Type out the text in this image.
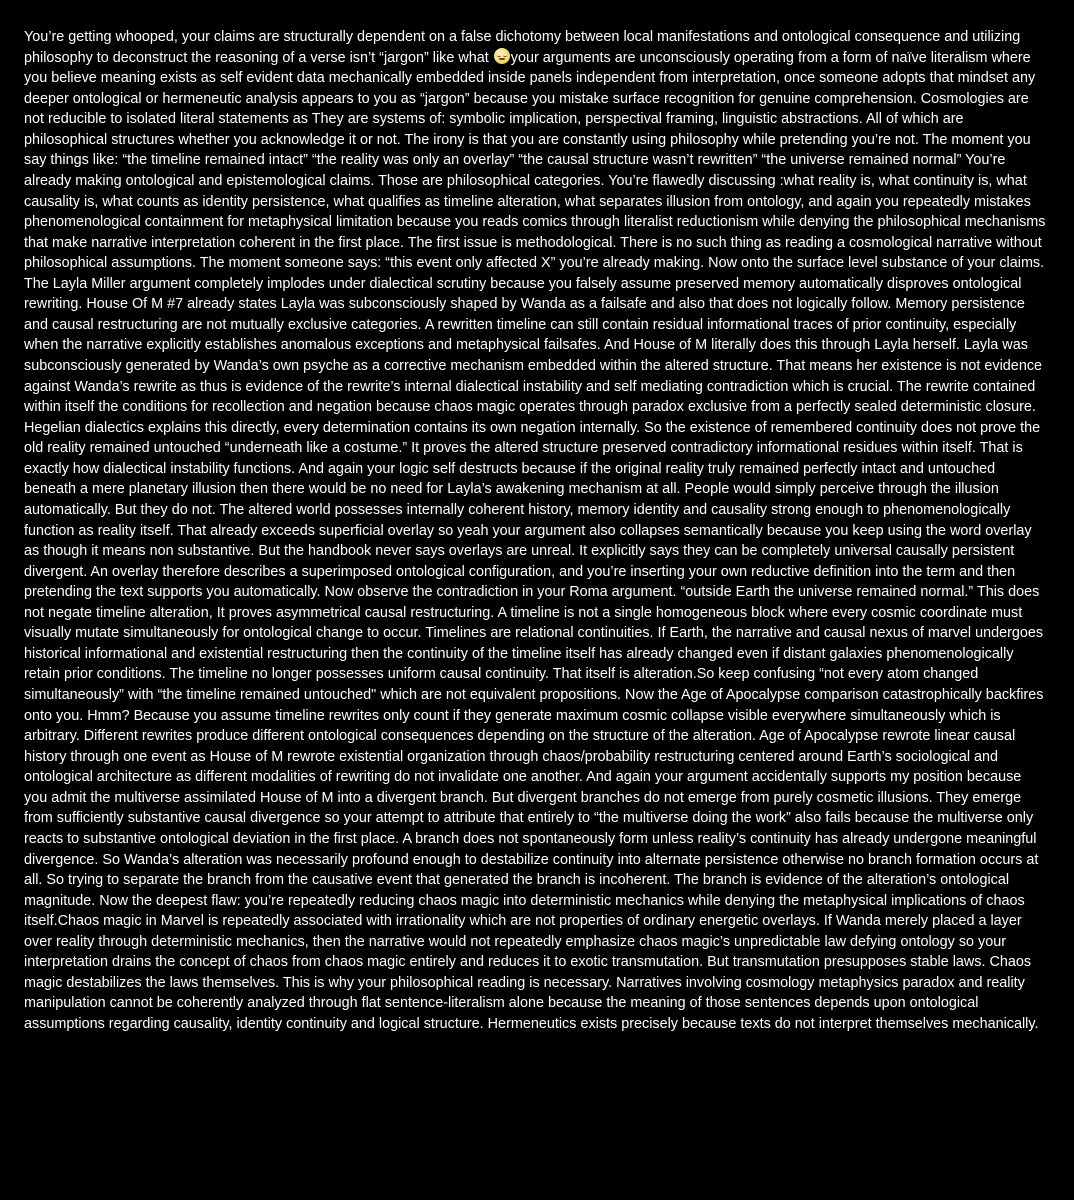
You’re getting whooped, your claims are structurally dependent on a false dichotomy between local manifestations and ontological consequence and utilizing philosophy to deconstruct the reasoning of a verse isn’t “jargon” like what your arguments are unconsciously operating from a form of naïve literalism where you believe meaning exists as self evident data mechanically embedded inside panels independent from interpretation, once someone adopts that mindset any deeper ontological or hermeneutic analysis appears to you as “jargon” because you mistake surface recognition for genuine comprehension. Cosmologies are not reducible to isolated literal statements as They are systems of: symbolic implication, perspectival framing, linguistic abstractions. All of which are philosophical structures whether you acknowledge it or not. The irony is that you are constantly using philosophy while pretending you’re not. The moment you say things like: “the timeline remained intact” “the reality was only an overlay” “the causal structure wasn’t rewritten” “the universe remained normal” You’re already making ontological and epistemological claims. Those are philosophical categories. You’re flawedly discussing :what reality is, what continuity is, what causality is, what counts as identity persistence, what qualifies as timeline alteration, what separates illusion from ontology, and again you repeatedly mistakes phenomenological containment for metaphysical limitation because you reads comics through literalist reductionism while denying the philosophical mechanisms that make narrative interpretation coherent in the first place. The first issue is methodological. There is no such thing as reading a cosmological narrative without philosophical assumptions. The moment someone says: “this event only affected X” you’re already making. Now onto the surface level substance of your claims. The Layla Miller argument completely implodes under dialectical scrutiny because you falsely assume preserved memory automatically disproves ontological rewriting. House Of M #7 already states Layla was subconsciously shaped by Wanda as a failsafe and also that does not logically follow. Memory persistence and causal restructuring are not mutually exclusive categories. A rewritten timeline can still contain residual informational traces of prior continuity, especially when the narrative explicitly establishes anomalous exceptions and metaphysical failsafes. And House of M literally does this through Layla herself. Layla was subconsciously generated by Wanda’s own psyche as a corrective mechanism embedded within the altered structure. That means her existence is not evidence against Wanda’s rewrite as thus is evidence of the rewrite’s internal dialectical instability and self mediating contradiction which is crucial. The rewrite contained within itself the conditions for recollection and negation because chaos magic operates through paradox exclusive from a perfectly sealed deterministic closure. Hegelian dialectics explains this directly, every determination contains its own negation internally. So the existence of remembered continuity does not prove the old reality remained untouched “underneath like a costume.” It proves the altered structure preserved contradictory informational residues within itself. That is exactly how dialectical instability functions. And again your logic self destructs because if the original reality truly remained perfectly intact and untouched beneath a mere planetary illusion then there would be no need for Layla’s awakening mechanism at all. People would simply perceive through the illusion automatically. But they do not. The altered world possesses internally coherent history, memory identity and causality strong enough to phenomenologically function as reality itself. That already exceeds superficial overlay so yeah your argument also collapses semantically because you keep using the word overlay as though it means non substantive. But the handbook never says overlays are unreal. It explicitly says they can be completely universal causally persistent divergent. An overlay therefore describes a superimposed ontological configuration, and you’re inserting your own reductive definition into the term and then pretending the text supports you automatically. Now observe the contradiction in your Roma argument. “outside Earth the universe remained normal.” This does not negate timeline alteration, It proves asymmetrical causal restructuring. A timeline is not a single homogeneous block where every cosmic coordinate must visually mutate simultaneously for ontological change to occur. Timelines are relational continuities. If Earth, the narrative and causal nexus of marvel undergoes historical informational and existential restructuring then the continuity of the timeline itself has already changed even if distant galaxies phenomenologically retain prior conditions. The timeline no longer possesses uniform causal continuity. That itself is alteration.So keep confusing “not every atom changed simultaneously” with “the timeline remained untouched" which are not equivalent propositions. Now the Age of Apocalypse comparison catastrophically backfires onto you. Hmm? Because you assume timeline rewrites only count if they generate maximum cosmic collapse visible everywhere simultaneously which is arbitrary. Different rewrites produce different ontological consequences depending on the structure of the alteration. Age of Apocalypse rewrote linear causal history through one event as House of M rewrote existential organization through chaos/probability restructuring centered around Earth’s sociological and ontological architecture as different modalities of rewriting do not invalidate one another. And again your argument accidentally supports my position because you admit the multiverse assimilated House of M into a divergent branch. But divergent branches do not emerge from purely cosmetic illusions. They emerge from sufficiently substantive causal divergence so your attempt to attribute that entirely to “the multiverse doing the work” also fails because the multiverse only reacts to substantive ontological deviation in the first place. A branch does not spontaneously form unless reality’s continuity has already undergone meaningful divergence. So Wanda’s alteration was necessarily profound enough to destabilize continuity into alternate persistence otherwise no branch formation occurs at all. So trying to separate the branch from the causative event that generated the branch is incoherent. The branch is evidence of the alteration’s ontological magnitude. Now the deepest flaw: you’re repeatedly reducing chaos magic into deterministic mechanics while denying the metaphysical implications of chaos itself.Chaos magic in Marvel is repeatedly associated with irrationality which are not properties of ordinary energetic overlays. If Wanda merely placed a layer over reality through deterministic mechanics, then the narrative would not repeatedly emphasize chaos magic’s unpredictable law defying ontology so your interpretation drains the concept of chaos from chaos magic entirely and reduces it to exotic transmutation. But transmutation presupposes stable laws. Chaos magic destabilizes the laws themselves. This is why your philosophical reading is necessary. Narratives involving cosmology metaphysics paradox and reality manipulation cannot be coherently analyzed through flat sentence-literalism alone because the meaning of those sentences depends upon ontological assumptions regarding causality, identity continuity and logical structure. Hermeneutics exists precisely because texts do not interpret themselves mechanically.
